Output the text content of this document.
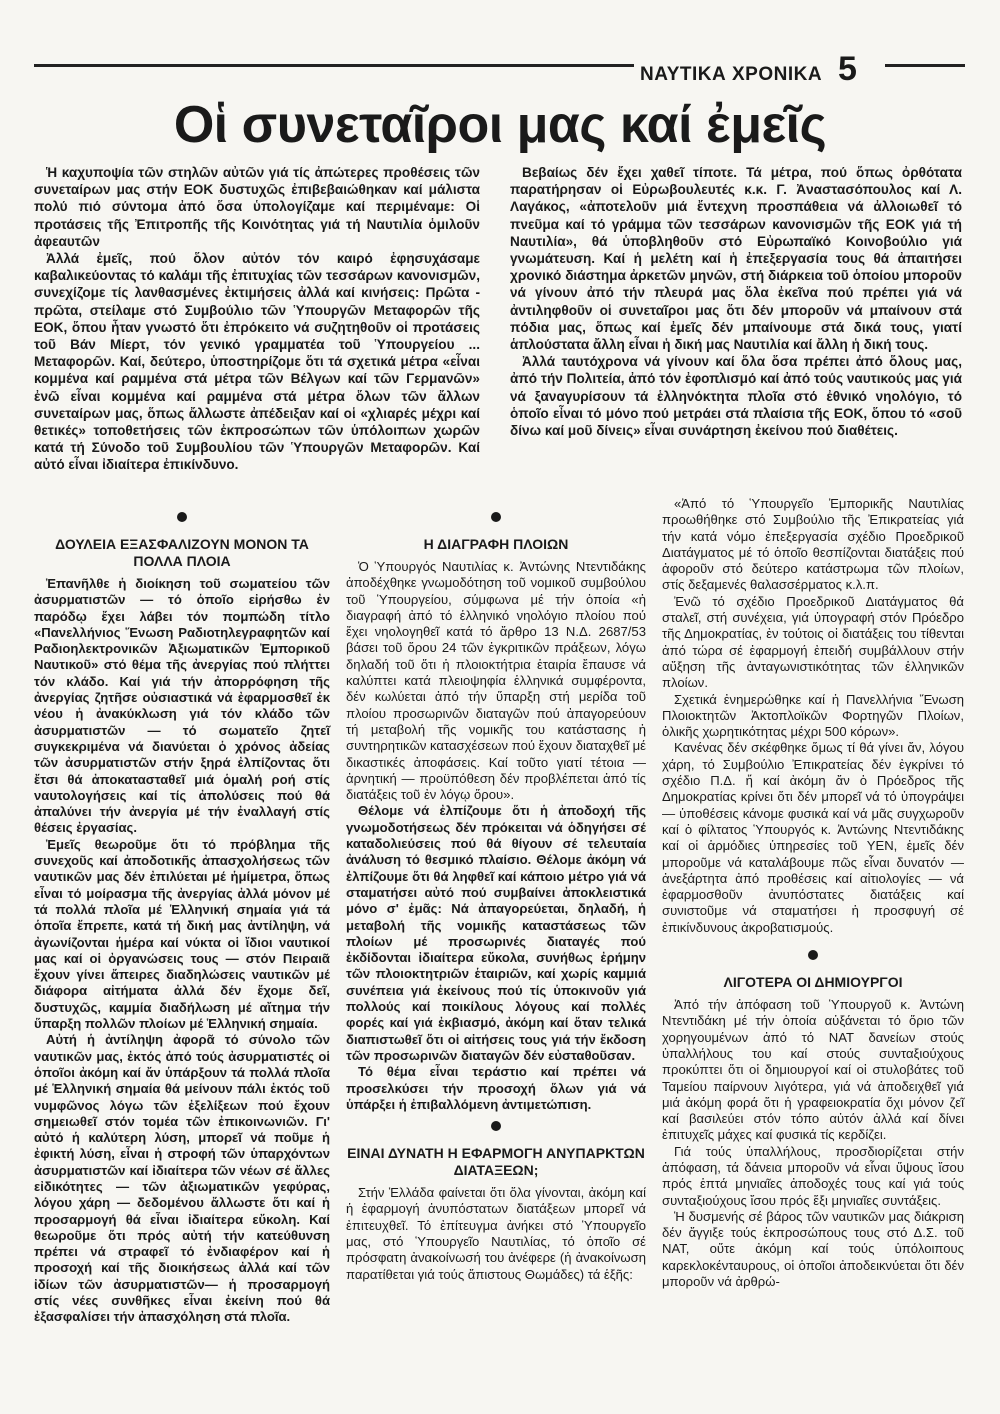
ΝΑΥΤΙΚΑ ΧΡΟΝΙΚΑ 5
Οἱ συνεταῖροι μας καί ἐμεῖς

Ἡ καχυποψία τῶν στηλῶν αὐτῶν γιά τίς ἀπώτερες προθέσεις τῶν συνεταίρων μας στήν ΕΟΚ δυστυχῶς ἐπιβεβαιώθηκαν καί μάλιστα πολύ πιό σύντομα ἀπό ὅσα ὑπολογίζαμε καί περιμέναμε: Οἱ προτάσεις τῆς Ἐπιτροπῆς τῆς Κοινότητας γιά τή Ναυτιλία ὁμιλοῦν ἀφεαυτῶν

Ἀλλά ἐμεῖς, πού ὅλον αὐτόν τόν καιρό ἐφησυχάσαμε καβαλικεύοντας τό καλάμι τῆς ἐπιτυχίας τῶν τεσσάρων κανονισμῶν, συνεχίζομε τίς λανθασμένες ἐκτιμήσεις ἀλλά καί κινήσεις: Πρῶτα - πρῶτα, στείλαμε στό Συμβούλιο τῶν Ὑπουργῶν Μεταφορῶν τῆς ΕΟΚ, ὅπου ἦταν γνωστό ὅτι ἐπρόκειτο νά συζητηθοῦν οἱ προτάσεις τοῦ Βάν Μίερτ, τόν γενικό γραμματέα τοῦ Ὑπουργείου ... Μεταφορῶν. Καί, δεύτερο, ὑποστηρίζομε ὅτι τά σχετικά μέτρα «εἶναι κομμένα καί ραμμένα στά μέτρα τῶν Βέλγων καί τῶν Γερμανῶν» ἐνῶ εἶναι κομμένα καί ραμμένα στά μέτρα ὅλων τῶν ἄλλων συνεταίρων μας, ὅπως ἄλλωστε ἀπέδειξαν καί οἱ «χλιαρές μέχρι καί θετικές» τοποθετήσεις τῶν ἐκπροσώπων τῶν ὑπόλοιπων χωρῶν κατά τή Σύνοδο τοῦ Συμβουλίου τῶν Ὑπουργῶν Μεταφορῶν. Καί αὐτό εἶναι ἰδιαίτερα ἐπικίνδυνο.

Βεβαίως δέν ἔχει χαθεῖ τίποτε. Τά μέτρα, πού ὅπως ὀρθότατα παρατήρησαν οἱ Εὐρωβουλευτές κ.κ. Γ. Ἀναστασόπουλος καί Λ. Λαγάκος, «ἀποτελοῦν μιά ἔντεχνη προσπάθεια νά ἀλλοιωθεῖ τό πνεῦμα καί τό γράμμα τῶν τεσσάρων κανονισμῶν τῆς ΕΟΚ γιά τή Ναυτιλία», θά ὑποβληθοῦν στό Εὐρωπαϊκό Κοινοβούλιο γιά γνωμάτευση. Καί ἡ μελέτη καί ἡ ἐπεξεργασία τους θά ἀπαιτήσει χρονικό διάστημα ἀρκετῶν μηνῶν, στή διάρκεια τοῦ ὁποίου μποροῦν νά γίνουν ἀπό τήν πλευρά μας ὅλα ἐκεῖνα πού πρέπει γιά νά ἀντιληφθοῦν οἱ συνεταῖροι μας ὅτι δέν μποροῦν νά μπαίνουν στά πόδια μας, ὅπως καί ἐμεῖς δέν μπαίνουμε στά δικά τους, γιατί ἁπλούστατα ἄλλη εἶναι ἡ δική μας Ναυτιλία καί ἄλλη ἡ δική τους.

Ἀλλά ταυτόχρονα νά γίνουν καί ὅλα ὅσα πρέπει ἀπό ὅλους μας, ἀπό τήν Πολιτεία, ἀπό τόν ἐφοπλισμό καί ἀπό τούς ναυτικούς μας γιά νά ξαναγυρίσουν τά ἑλληνόκτητα πλοῖα στό ἐθνικό νηολόγιο, τό ὁποῖο εἶναι τό μόνο πού μετράει στά πλαίσια τῆς ΕΟΚ, ὅπου τό «σοῦ δίνω καί μοῦ δίνεις» εἶναι συνάρτηση ἐκείνου πού διαθέτεις.

ΔΟΥΛΕΙΑ ΕΞΑΣΦΑΛΙΖΟΥΝ ΜΟΝΟΝ ΤΑ ΠΟΛΛΑ ΠΛΟΙΑ

Ἐπανῆλθε ἡ διοίκηση τοῦ σωματείου τῶν ἀσυρματιστῶν — τό ὁποῖο εἰρήσθω ἐν παρόδῳ ἔχει λάβει τόν πομπώδη τίτλο «Πανελλήνιος Ἕνωση Ραδιοτηλεγραφητῶν καί Ραδιοηλεκτρονικῶν Ἀξιωματικῶν Ἐμπορικοῦ Ναυτικοῦ» στό θέμα τῆς ἀνεργίας πού πλήττει τόν κλάδο. Καί γιά τήν ἀπορρόφηση τῆς ἀνεργίας ζητῆσε οὐσιαστικά νά ἐφαρμοσθεῖ ἐκ νέου ἡ ἀνακύκλωση γιά τόν κλάδο τῶν ἀσυρματιστῶν — τό σωματεῖο ζητεῖ συγκεκριμένα νά διανύεται ὁ χρόνος ἀδείας τῶν ἀσυρματιστῶν στήν ξηρά ἐλπίζοντας ὅτι ἔτσι θά ἀποκατασταθεῖ μιά ὁμαλή ροή στίς ναυτολογήσεις καί τίς ἀπολύσεις πού θά ἀπαλύνει τήν ἀνεργία μέ τήν ἐναλλαγή στίς θέσεις ἐργασίας.

Ἐμεῖς θεωροῦμε ὅτι τό πρόβλημα τῆς συνεχοῦς καί ἀποδοτικῆς ἀπασχολήσεως τῶν ναυτικῶν μας δέν ἐπιλύεται μέ ἡμίμετρα, ὅπως εἶναι τό μοίρασμα τῆς ἀνεργίας ἀλλά μόνον μέ τά πολλά πλοῖα μέ Ἑλληνική σημαία γιά τά ὁποῖα ἔπρεπε, κατά τή δική μας ἀντίληψη, νά ἀγωνίζονται ἡμέρα καί νύκτα οἱ ἴδιοι ναυτικοί μας καί οἱ ὀργανώσεις τους — στόν Πειραιᾶ ἔχουν γίνει ἄπειρες διαδηλώσεις ναυτικῶν μέ διάφορα αἰτήματα ἀλλά δέν ἔχομε δεῖ, δυστυχῶς, καμμία διαδήλωση μέ αἴτημα τήν ὕπαρξη πολλῶν πλοίων μέ Ἑλληνική σημαία.

Αὐτή ἡ ἀντίληψη ἀφορᾶ τό σύνολο τῶν ναυτικῶν μας, ἐκτός ἀπό τούς ἀσυρματιστές οἱ ὁποῖοι ἀκόμη καί ἄν ὑπάρξουν τά πολλά πλοῖα μέ Ἑλληνική σημαία θά μείνουν πάλι ἐκτός τοῦ νυμφῶνος λόγω τῶν ἐξελίξεων πού ἔχουν σημειωθεῖ στόν τομέα τῶν ἐπικοινωνιῶν. Γι' αὐτό ἡ καλύτερη λύση, μπορεῖ νά ποῦμε ἡ ἐφικτή λύση, εἶναι ἡ στροφή τῶν ὑπαρχόντων ἀσυρματιστῶν καί ἰδιαίτερα τῶν νέων σέ ἄλλες εἰδικότητες — τῶν ἀξιωματικῶν γεφύρας, λόγου χάρη — δεδομένου ἄλλωστε ὅτι καί ἡ προσαρμογή θά εἶναι ἰδιαίτερα εὔκολη. Καί θεωροῦμε ὅτι πρός αὐτή τήν κατεύθυνση πρέπει νά στραφεῖ τό ἐνδιαφέρον καί ἡ προσοχή καί τῆς διοικήσεως ἀλλά καί τῶν ἰδίων τῶν ἀσυρματιστῶν— ἡ προσαρμογή στίς νέες συνθῆκες εἶναι ἐκείνη πού θά ἐξασφαλίσει τήν ἀπασχόληση στά πλοῖα.

Η ΔΙΑΓΡΑΦΗ ΠΛΟΙΩΝ

Ὁ Ὑπουργός Ναυτιλίας κ. Ἀντώνης Ντεντιδάκης ἀποδέχθηκε γνωμοδότηση τοῦ νομικοῦ συμβούλου τοῦ Ὑπουργείου, σύμφωνα μέ τήν ὁποία «ἡ διαγραφή ἀπό τό ἑλληνικό νηολόγιο πλοίου πού ἔχει νηολογηθεῖ κατά τό ἄρθρο 13 Ν.Δ. 2687/53 βάσει τοῦ ὅρου 24 τῶν ἐγκριτικῶν πράξεων, λόγω δηλαδή τοῦ ὅτι ἡ πλοιοκτήτρια ἑταιρία ἔπαυσε νά καλύπτει κατά πλειοψηφία ἑλληνικά συμφέροντα, δέν κωλύεται ἀπό τήν ὕπαρξη στή μερίδα τοῦ πλοίου προσωρινῶν διαταγῶν πού ἀπαγορεύουν τή μεταβολή τῆς νομικῆς του κατάστασης ἡ συντηρητικῶν κατασχέσεων πού ἔχουν διαταχθεῖ μέ δικαστικές ἀποφάσεις. Καί τοῦτο γιατί τέτοια — ἀρνητική — προϋπόθεση δέν προβλέπεται ἀπό τίς διατάξεις τοῦ ἐν λόγῳ ὅρου».

Θέλομε νά ἐλπίζουμε ὅτι ἡ ἀποδοχή τῆς γνωμοδοτήσεως δέν πρόκειται νά ὁδηγήσει σέ καταδολιεύσεις πού θά θίγουν σέ τελευταία ἀνάλυση τό θεσμικό πλαίσιο. Θέλομε ἀκόμη νά ἐλπίζουμε ὅτι θά ληφθεῖ καί κάποιο μέτρο γιά νά σταματήσει αὐτό πού συμβαίνει ἀποκλειστικά μόνο σ' ἐμᾶς: Νά ἀπαγορεύεται, δηλαδή, ἡ μεταβολή τῆς νομικῆς καταστάσεως τῶν πλοίων μέ προσωρινές διαταγές πού ἐκδίδονται ἰδιαίτερα εὔκολα, συνήθως ἐρήμην τῶν πλοιοκτητριῶν ἑταιριῶν, καί χωρίς καμμιά συνέπεια γιά ἐκείνους πού τίς ὑποκινοῦν γιά πολλούς καί ποικίλους λόγους καί πολλές φορές καί γιά ἐκβιασμό, ἀκόμη καί ὅταν τελικά διαπιστωθεῖ ὅτι οἱ αἰτήσεις τους γιά τήν ἔκδοση τῶν προσωρινῶν διαταγῶν δέν εὐσταθοῦσαν.

Τό θέμα εἶναι τεράστιο καί πρέπει νά προσελκύσει τήν προσοχή ὅλων γιά νά ὑπάρξει ἡ ἐπιβαλλόμενη ἀντιμετώπιση.

ΕΙΝΑΙ ΔΥΝΑΤΗ Η ΕΦΑΡΜΟΓΗ ΑΝΥΠΑΡΚΤΩΝ ΔΙΑΤΑΞΕΩΝ;

Στήν Ἑλλάδα φαίνεται ὅτι ὅλα γίνονται, ἀκόμη καί ἡ ἐφαρμογή ἀνυπόστατων διατάξεων μπορεῖ νά ἐπιτευχθεῖ. Τό ἐπίτευγμα ἀνήκει στό Ὑπουργεῖο μας, στό Ὑπουργεῖο Ναυτιλίας, τό ὁποῖο σέ πρόσφατη ἀνακοίνωσή του ἀνέφερε (ἡ ἀνακοίνωση παρατίθεται γιά τούς ἄπιστους Θωμάδες) τά ἑξῆς:

«Ἀπό τό Ὑπουργεῖο Ἐμπορικῆς Ναυτιλίας προωθήθηκε στό Συμβούλιο τῆς Ἐπικρατείας γιά τήν κατά νόμο ἐπεξεργασία σχέδιο Προεδρικοῦ Διατάγματος μέ τό ὁποῖο θεσπίζονται διατάξεις πού ἀφοροῦν στό δεύτερο κατάστρωμα τῶν πλοίων, στίς δεξαμενές θαλασσέρματος κ.λ.π.

Ἐνῶ τό σχέδιο Προεδρικοῦ Διατάγματος θά σταλεῖ, στή συνέχεια, γιά ὑπογραφή στόν Πρόεδρο τῆς Δημοκρατίας, ἐν τούτοις οἱ διατάξεις του τίθενται ἀπό τώρα σέ ἐφαρμογή ἐπειδή συμβάλλουν στήν αὔξηση τῆς ἀνταγωνιστικότητας τῶν ἑλληνικῶν πλοίων.

Σχετικά ἐνημερώθηκε καί ἡ Πανελλήνια Ἕνωση Πλοιοκτητῶν Ἀκτοπλοϊκῶν Φορτηγῶν Πλοίων, ὁλικῆς χωρητικότητας μέχρι 500 κόρων».

Κανένας δέν σκέφθηκε ὅμως τί θά γίνει ἄν, λόγου χάρη, τό Συμβούλιο Ἐπικρατείας δέν ἐγκρίνει τό σχέδιο Π.Δ. ἤ καί ἀκόμη ἄν ὁ Πρόεδρος τῆς Δημοκρατίας κρίνει ὅτι δέν μπορεῖ νά τό ὑπογράψει — ὑποθέσεις κάνομε φυσικά καί νά μᾶς συγχωροῦν καί ὁ φίλτατος Ὑπουργός κ. Ἀντώνης Ντεντιδάκης καί οἱ ἁρμόδιες ὑπηρεσίες τοῦ ΥΕΝ, ἐμεῖς δέν μποροῦμε νά καταλάβουμε πῶς εἶναι δυνατόν — ἀνεξάρτητα ἀπό προθέσεις καί αἰτιολογίες — νά ἐφαρμοσθοῦν ἀνυπόστατες διατάξεις καί συνιστοῦμε νά σταματήσει ἡ προσφυγή σέ ἐπικίνδυνους ἀκροβατισμούς.

ΛΙΓΟΤΕΡΑ ΟΙ ΔΗΜΙΟΥΡΓΟΙ

Ἀπό τήν ἀπόφαση τοῦ Ὑπουργοῦ κ. Ἀντώνη Ντεντιδάκη μέ τήν ὁποία αὐξάνεται τό ὅριο τῶν χορηγουμένων ἀπό τό ΝΑΤ δανείων στούς ὑπαλλήλους του καί στούς συνταξιούχους προκύπτει ὅτι οἱ δημιουργοί καί οἱ στυλοβάτες τοῦ Ταμείου παίρνουν λιγότερα, γιά νά ἀποδειχθεῖ γιά μιά ἀκόμη φορά ὅτι ἡ γραφειοκρατία ὄχι μόνον ζεῖ καί βασιλεύει στόν τόπο αὐτόν ἀλλά καί δίνει ἐπιτυχεῖς μάχες καί φυσικά τίς κερδίζει.

Γιά τούς ὑπαλλήλους, προσδιορίζεται στήν ἀπόφαση, τά δάνεια μποροῦν νά εἶναι ὕψους ἴσου πρός ἑπτά μηνιαῖες ἀποδοχές τους καί γιά τούς συνταξιούχους ἴσου πρός ἕξι μηνιαῖες συντάξεις.

Ἡ δυσμενής σέ βάρος τῶν ναυτικῶν μας διάκριση δέν ἄγγιξε τούς ἐκπροσώπους τους στό Δ.Σ. τοῦ ΝΑΤ, οὔτε ἀκόμη καί τούς ὑπόλοιπους καρεκλοκένταυρους, οἱ ὁποῖοι ἀποδεικνύεται ὅτι δέν μποροῦν νά ἀρθρώ-
